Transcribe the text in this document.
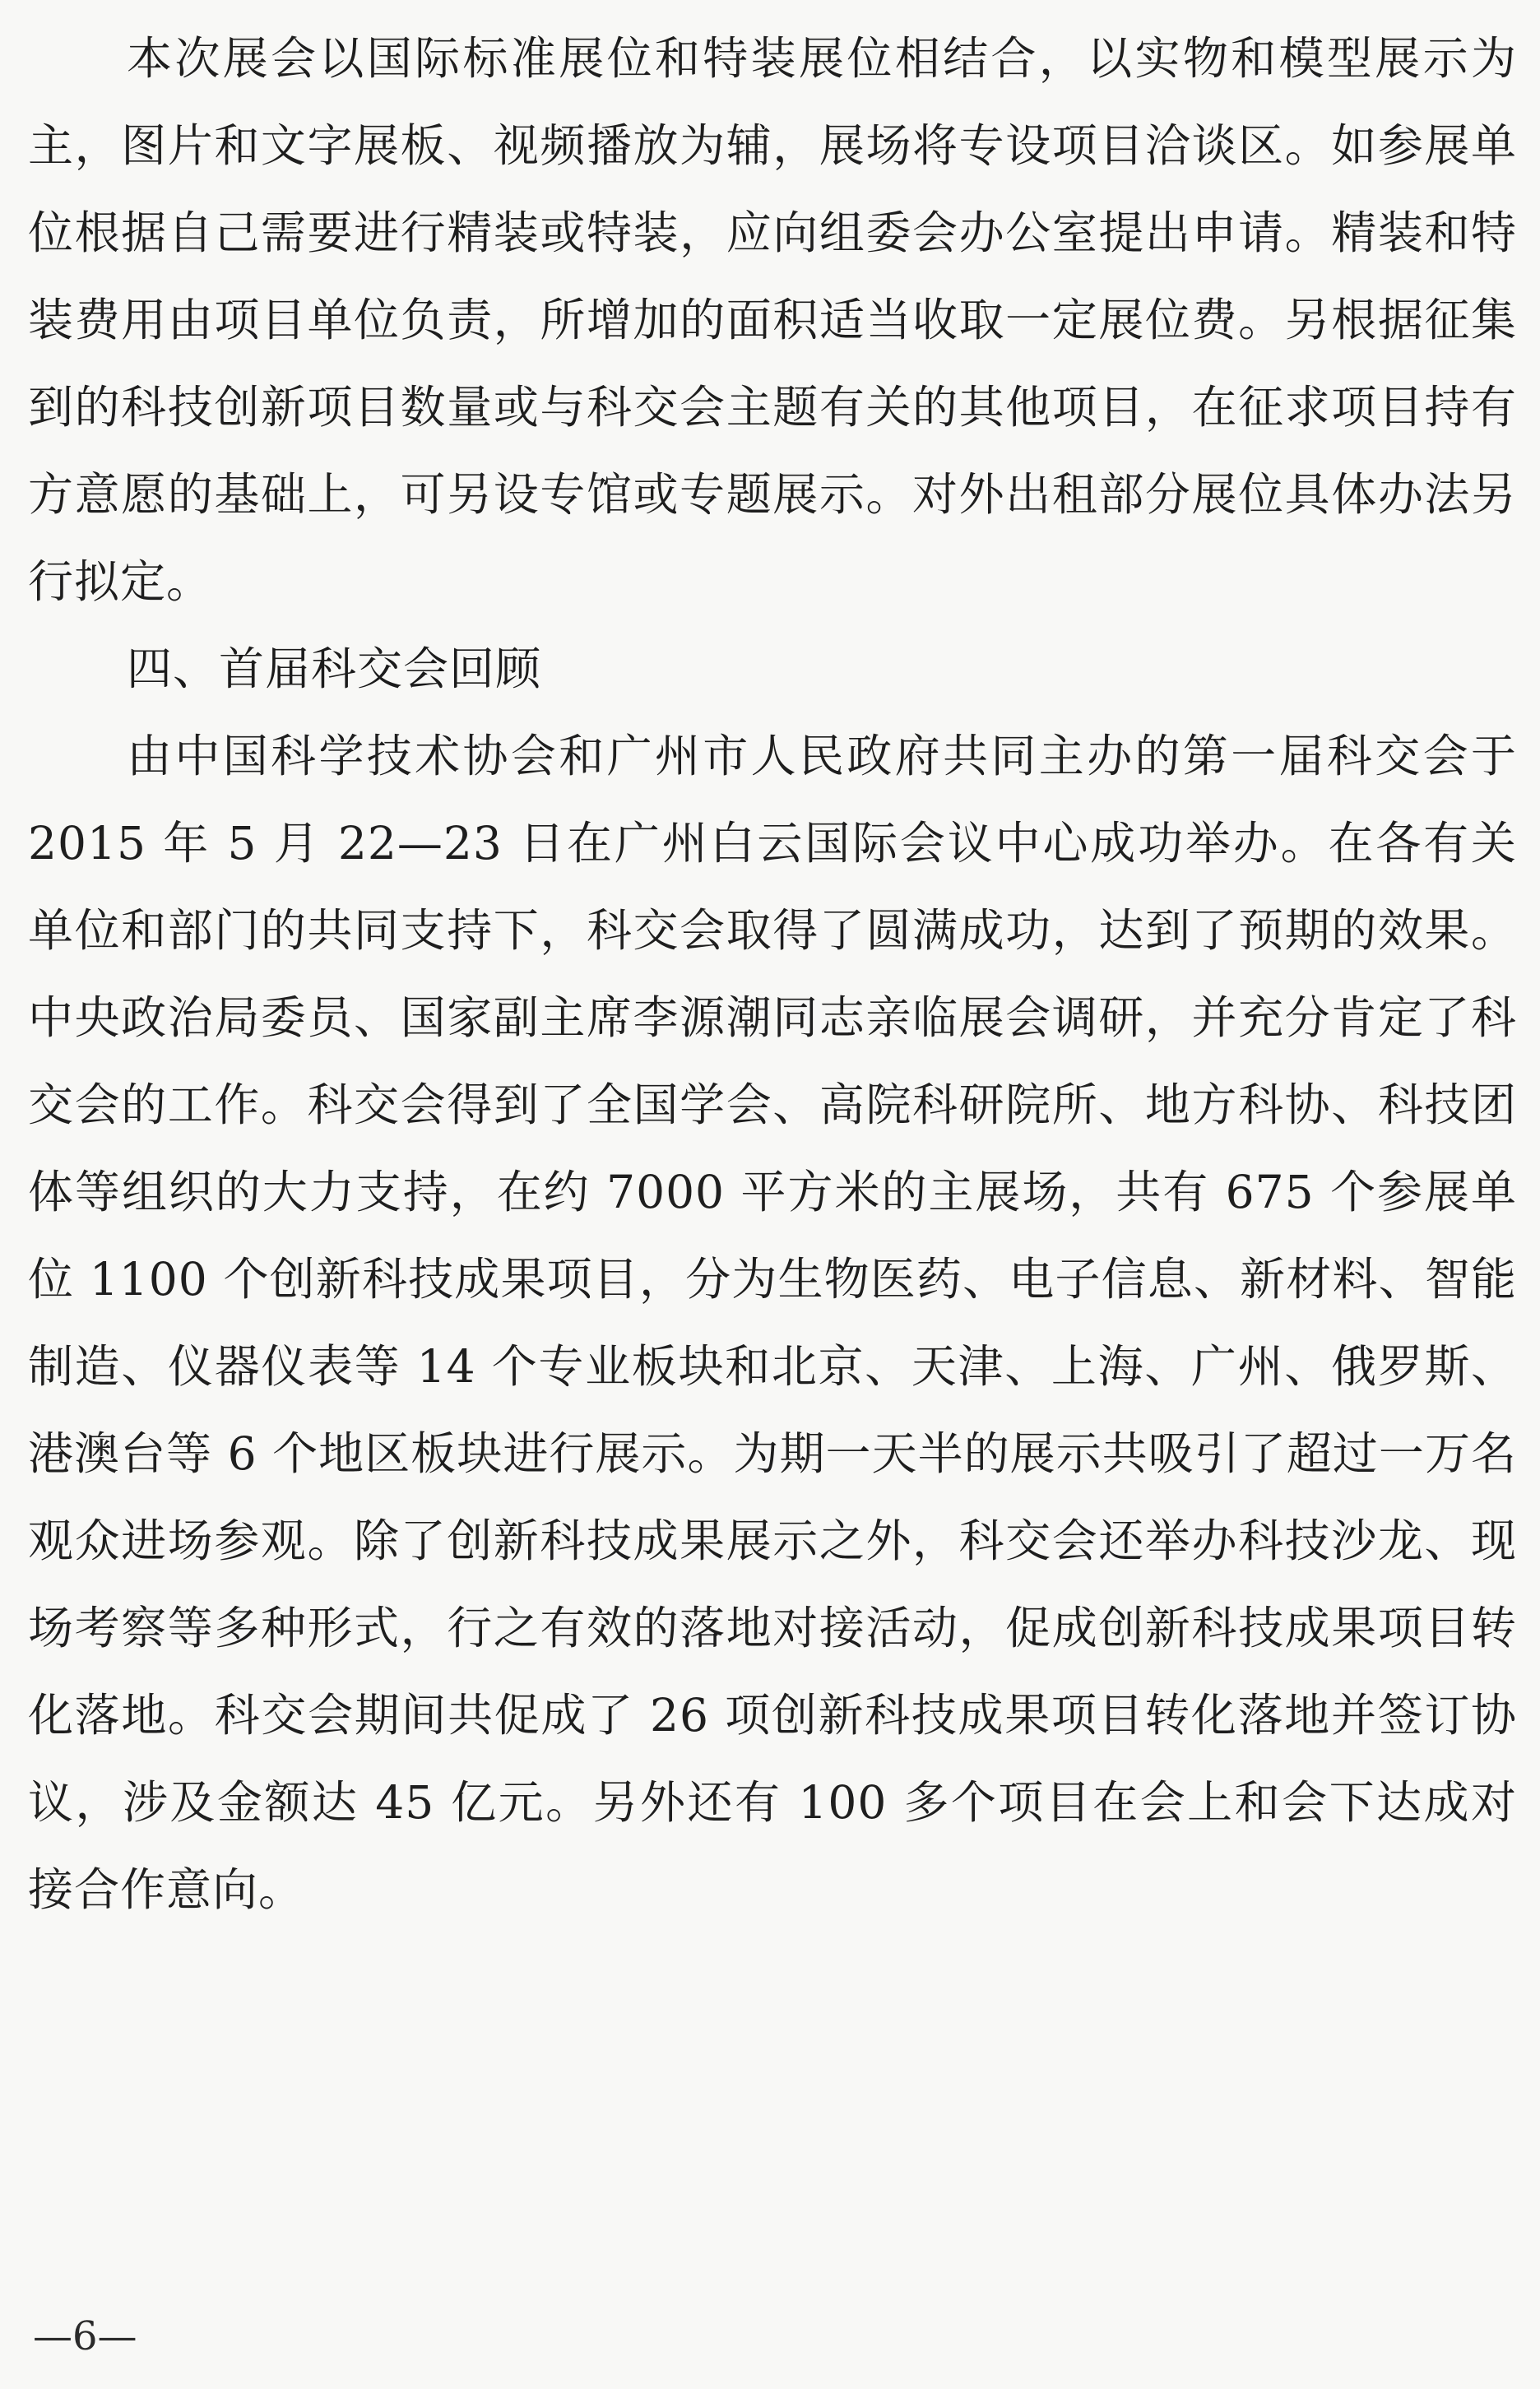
本次展会以国际标准展位和特装展位相结合，以实物和模型展示为主，图片和文字展板、视频播放为辅，展场将专设项目洽谈区。如参展单位根据自己需要进行精装或特装，应向组委会办公室提出申请。精装和特装费用由项目单位负责，所增加的面积适当收取一定展位费。另根据征集到的科技创新项目数量或与科交会主题有关的其他项目，在征求项目持有方意愿的基础上，可另设专馆或专题展示。对外出租部分展位具体办法另行拟定。

四、首届科交会回顾

由中国科学技术协会和广州市人民政府共同主办的第一届科交会于 2015 年 5 月 22—23 日在广州白云国际会议中心成功举办。在各有关单位和部门的共同支持下，科交会取得了圆满成功，达到了预期的效果。中央政治局委员、国家副主席李源潮同志亲临展会调研，并充分肯定了科交会的工作。科交会得到了全国学会、高院科研院所、地方科协、科技团体等组织的大力支持，在约 7000 平方米的主展场，共有 675 个参展单位 1100 个创新科技成果项目，分为生物医药、电子信息、新材料、智能制造、仪器仪表等 14 个专业板块和北京、天津、上海、广州、俄罗斯、港澳台等 6 个地区板块进行展示。为期一天半的展示共吸引了超过一万名观众进场参观。除了创新科技成果展示之外，科交会还举办科技沙龙、现场考察等多种形式，行之有效的落地对接活动，促成创新科技成果项目转化落地。科交会期间共促成了 26 项创新科技成果项目转化落地并签订协议，涉及金额达 45 亿元。另外还有 100 多个项目在会上和会下达成对接合作意向。

—6—
